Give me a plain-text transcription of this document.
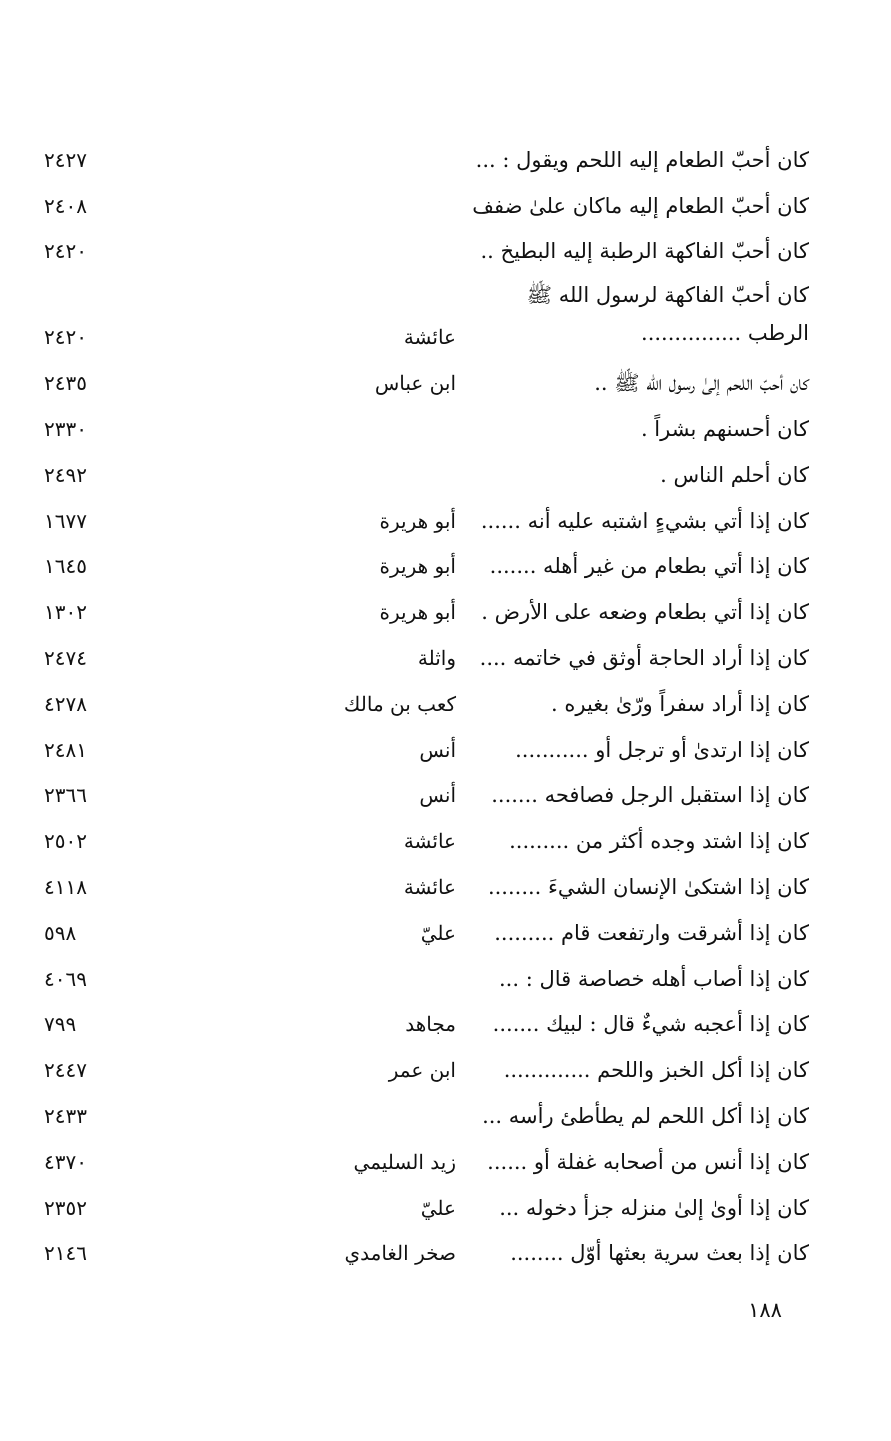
كان أحبّ الطعام إليه اللحم ويقول : ...
٢٤٢٧
كان أحبّ الطعام إليه ماكان علىٰ ضفف
٢٤٠٨
كان أحبّ الفاكهة الرطبة إليه البطيخ ..
٢٤٢٠
كان أحبّ الفاكهة لرسول الله ﷺ الرطب ...............
عائشة
٢٤٢٠
كان أحبّ اللحم إلىٰ رسول الله ﷺ ..
ابن عباس
٢٤٣٥
كان أحسنهم بشراً .
٢٣٣٠
كان أحلم الناس .
٢٤٩٢
كان إذا أتي بشيءٍ اشتبه عليه أنه ......
أبو هريرة
١٦٧٧
كان إذا أتي بطعام من غير أهله .......
أبو هريرة
١٦٤٥
كان إذا أتي بطعام وضعه على الأرض .
أبو هريرة
١٣٠٢
كان إذا أراد الحاجة أوثق في خاتمه ....
واثلة
٢٤٧٤
كان إذا أراد سفراً ورّىٰ بغيره .
كعب بن مالك
٤٢٧٨
كان إذا ارتدىٰ أو ترجل أو ...........
أنس
٢٤٨١
كان إذا استقبل الرجل فصافحه .......
أنس
٢٣٦٦
كان إذا اشتد وجده أكثر من .........
عائشة
٢٥٠٢
كان إذا اشتكىٰ الإنسان الشيءَ ........
عائشة
٤١١٨
كان إذا أشرقت وارتفعت قام .........
عليّ
٥٩٨
كان إذا أصاب أهله خصاصة قال : ...
٤٠٦٩
كان إذا أعجبه شيءٌ قال : لبيك .......
مجاهد
٧٩٩
كان إذا أكل الخبز واللحم .............
ابن عمر
٢٤٤٧
كان إذا أكل اللحم لم يطأطئ رأسه ...
٢٤٣٣
كان إذا أنس من أصحابه غفلة أو ......
زيد السليمي
٤٣٧٠
كان إذا أوىٰ إلىٰ منزله جزأ دخوله ...
عليّ
٢٣٥٢
كان إذا بعث سرية بعثها أوّل ........
صخر الغامدي
٢١٤٦
١٨٨
